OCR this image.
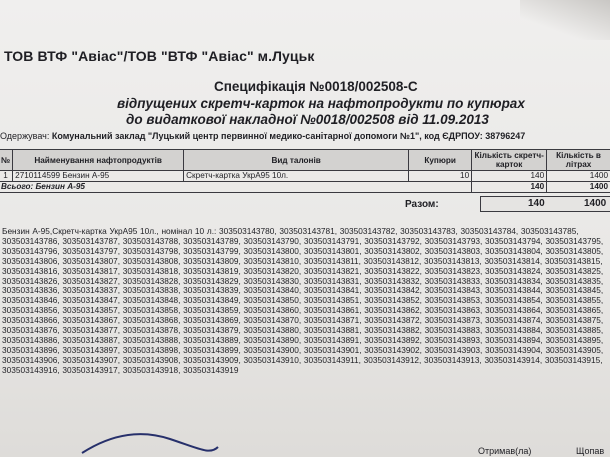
ТОВ ВТФ "Авіас"/ТОВ "ВТФ "Авіас" м.Луцьк
Специфікація №0018/002508-С
відпущених скретч-карток на нафтопродукти по купюрах
до видаткової накладної №0018/002508 від 11.09.2013
Одержувач: Комунальний заклад "Луцький центр первинної медико-санітарної допомоги №1", код ЄДРПОУ: 38796247
№	Найменування нафтопродуктів	Вид талонів	Купюри	Кількість скретч-карток	Кількість в літрах
1	2710114599 Бензин А-95	Скретч-картка УкрА95 10л.	10	140	1400
Всього: Бензин А-95				140	1400
Разом:	140	1400
Бензин А-95,Скретч-картка УкрА95 10л., номінал 10 л.: 303503143780, 303503143781, 303503143782, 303503143783, 303503143784, 303503143785, 303503143786, 303503143787, 303503143788, 303503143789, 303503143790, 303503143791, 303503143792, 303503143793, 303503143794, 303503143795, 303503143796, 303503143797, 303503143798, 303503143799, 303503143800, 303503143801, 303503143802, 303503143803, 303503143804, 303503143805, 303503143806, 303503143807, 303503143808, 303503143809, 303503143810, 303503143811, 303503143812, 303503143813, 303503143814, 303503143815, 303503143816, 303503143817, 303503143818, 303503143819, 303503143820, 303503143821, 303503143822, 303503143823, 303503143824, 303503143825, 303503143826, 303503143827, 303503143828, 303503143829, 303503143830, 303503143831, 303503143832, 303503143833, 303503143834, 303503143835, 303503143836, 303503143837, 303503143838, 303503143839, 303503143840, 303503143841, 303503143842, 303503143843, 303503143844, 303503143845, 303503143846, 303503143847, 303503143848, 303503143849, 303503143850, 303503143851, 303503143852, 303503143853, 303503143854, 303503143855, 303503143856, 303503143857, 303503143858, 303503143859, 303503143860, 303503143861, 303503143862, 303503143863, 303503143864, 303503143865, 303503143866, 303503143867, 303503143868, 303503143869, 303503143870, 303503143871, 303503143872, 303503143873, 303503143874, 303503143875, 303503143876, 303503143877, 303503143878, 303503143879, 303503143880, 303503143881, 303503143882, 303503143883, 303503143884, 303503143885, 303503143886, 303503143887, 303503143888, 303503143889, 303503143890, 303503143891, 303503143892, 303503143893, 303503143894, 303503143895, 303503143896, 303503143897, 303503143898, 303503143899, 303503143900, 303503143901, 303503143902, 303503143903, 303503143904, 303503143905, 303503143906, 303503143907, 303503143908, 303503143909, 303503143910, 303503143911, 303503143912, 303503143913, 303503143914, 303503143915, 303503143916, 303503143917, 303503143918, 303503143919
Отримав(ла)	Щопав
